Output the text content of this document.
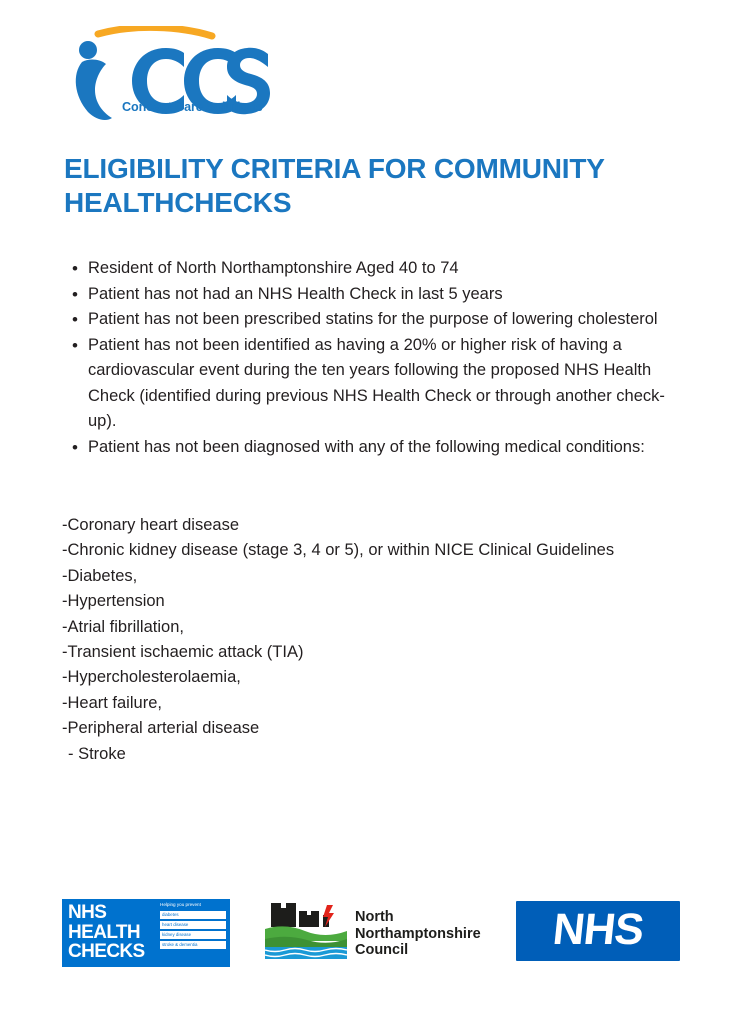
Concept Care Solutions
ELIGIBILITY CRITERIA FOR COMMUNITY HEALTHCHECKS
• Resident of North Northamptonshire Aged 40 to 74
• Patient has not had an NHS Health Check in last 5 years
• Patient has not been prescribed statins for the purpose of lowering cholesterol
• Patient has not been identified as having a 20% or higher risk of having a cardiovascular event during the ten years following the proposed NHS Health Check (identified during previous NHS Health Check or through another check-up).
• Patient has not been diagnosed with any of the following medical conditions:
-Coronary heart disease
-Chronic kidney disease (stage 3, 4 or 5), or within NICE Clinical Guidelines
-Diabetes,
-Hypertension
-Atrial fibrillation,
-Transient ischaemic attack (TIA)
-Hypercholesterolaemia,
-Heart failure,
-Peripheral arterial disease
- Stroke
NHS
HEALTH
CHECKS
Helping you prevent
diabetes
heart disease
kidney disease
stroke & dementia
North
Northamptonshire
Council	NHS
